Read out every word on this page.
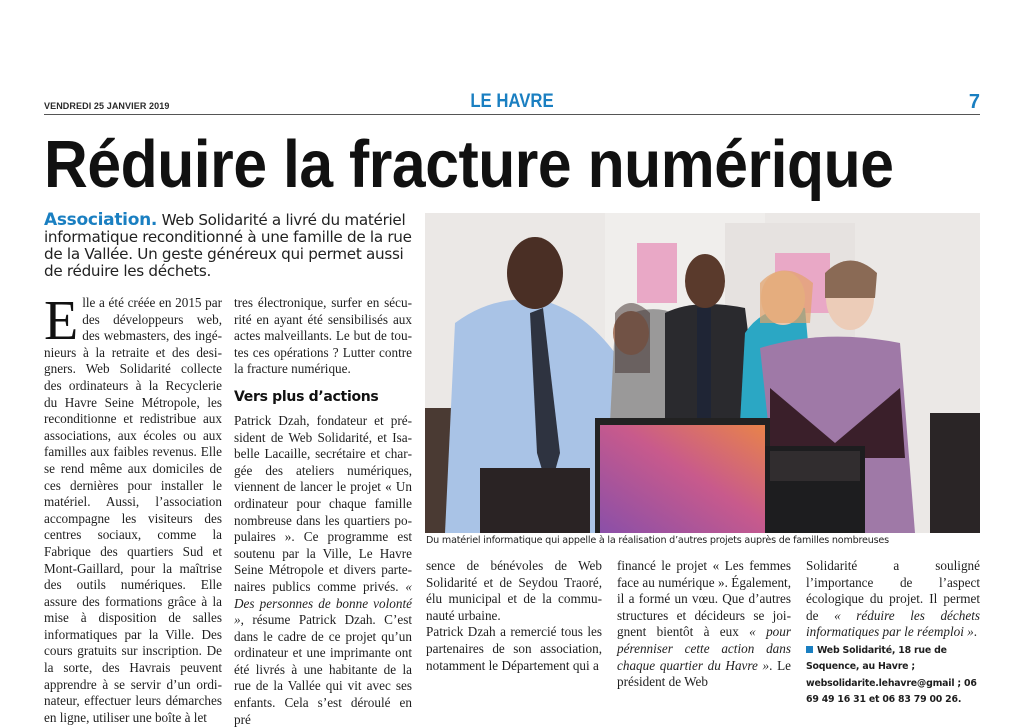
VENDREDI 25 JANVIER 2019	LE HAVRE	7
Réduire la fracture numérique
Association. Web Solidarité a livré du matériel informatique reconditionné à une famille de la rue de la Vallée. Un geste généreux qui permet aussi de réduire les déchets.
Elle a été créée en 2015 par des développeurs web, des webmasters, des ingénieurs à la retraite et des designers. Web Solidarité collecte des ordinateurs à la Recyclerie du Havre Seine Métropole, les reconditionne et redistribue aux associations, aux écoles ou aux familles aux faibles revenus. Elle se rend même aux domiciles de ces dernières pour installer le matériel. Aussi, l’association accompagne les visiteurs des centres sociaux, comme la Fabrique des quartiers Sud et Mont-Gaillard, pour la maîtrise des outils numériques. Elle assure des formations grâce à la mise à disposition de salles informatiques par la Ville. Des cours gratuits sur inscription. De la sorte, des Havrais peuvent apprendre à se servir d’un ordinateur, effectuer leurs démarches en ligne, utiliser une boîte à let
tres électronique, surfer en sécurité en ayant été sensibilisés aux actes malveillants. Le but de toutes ces opérations ? Lutter contre la fracture numérique.
Vers plus d’actions
Patrick Dzah, fondateur et président de Web Solidarité, et Isabelle Lacaille, secrétaire et chargée des ateliers numériques, viennent de lancer le projet « Un ordinateur pour chaque famille nombreuse dans les quartiers populaires ». Ce programme est soutenu par la Ville, Le Havre Seine Métropole et divers partenaires publics comme privés. « Des personnes de bonne volonté », résume Patrick Dzah. C’est dans le cadre de ce projet qu’un ordinateur et une imprimante ont été livrés à une habitante de la rue de la Vallée qui vit avec ses enfants. Cela s’est déroulé en pré
Du matériel informatique qui appelle à la réalisation d’autres projets auprès de familles nombreuses
sence de bénévoles de Web Solidarité et de Seydou Traoré, élu municipal et de la communauté urbaine.
Patrick Dzah a remercié tous les partenaires de son association, notamment le Département qui a
financé le projet « Les femmes face au numérique ». Également, il a formé un vœu. Que d’autres structures et décideurs se joignent bientôt à eux « pour pérenniser cette action dans chaque quartier du Havre ». Le président de Web
Solidarité a souligné l’importance de l’aspect écologique du projet. Il permet de « réduire les déchets informatiques par le réemploi ».
Web Solidarité, 18 rue de Soquence, au Havre ; websolidarite.lehavre@gmail ; 06 69 49 16 31 et 06 83 79 00 26.
